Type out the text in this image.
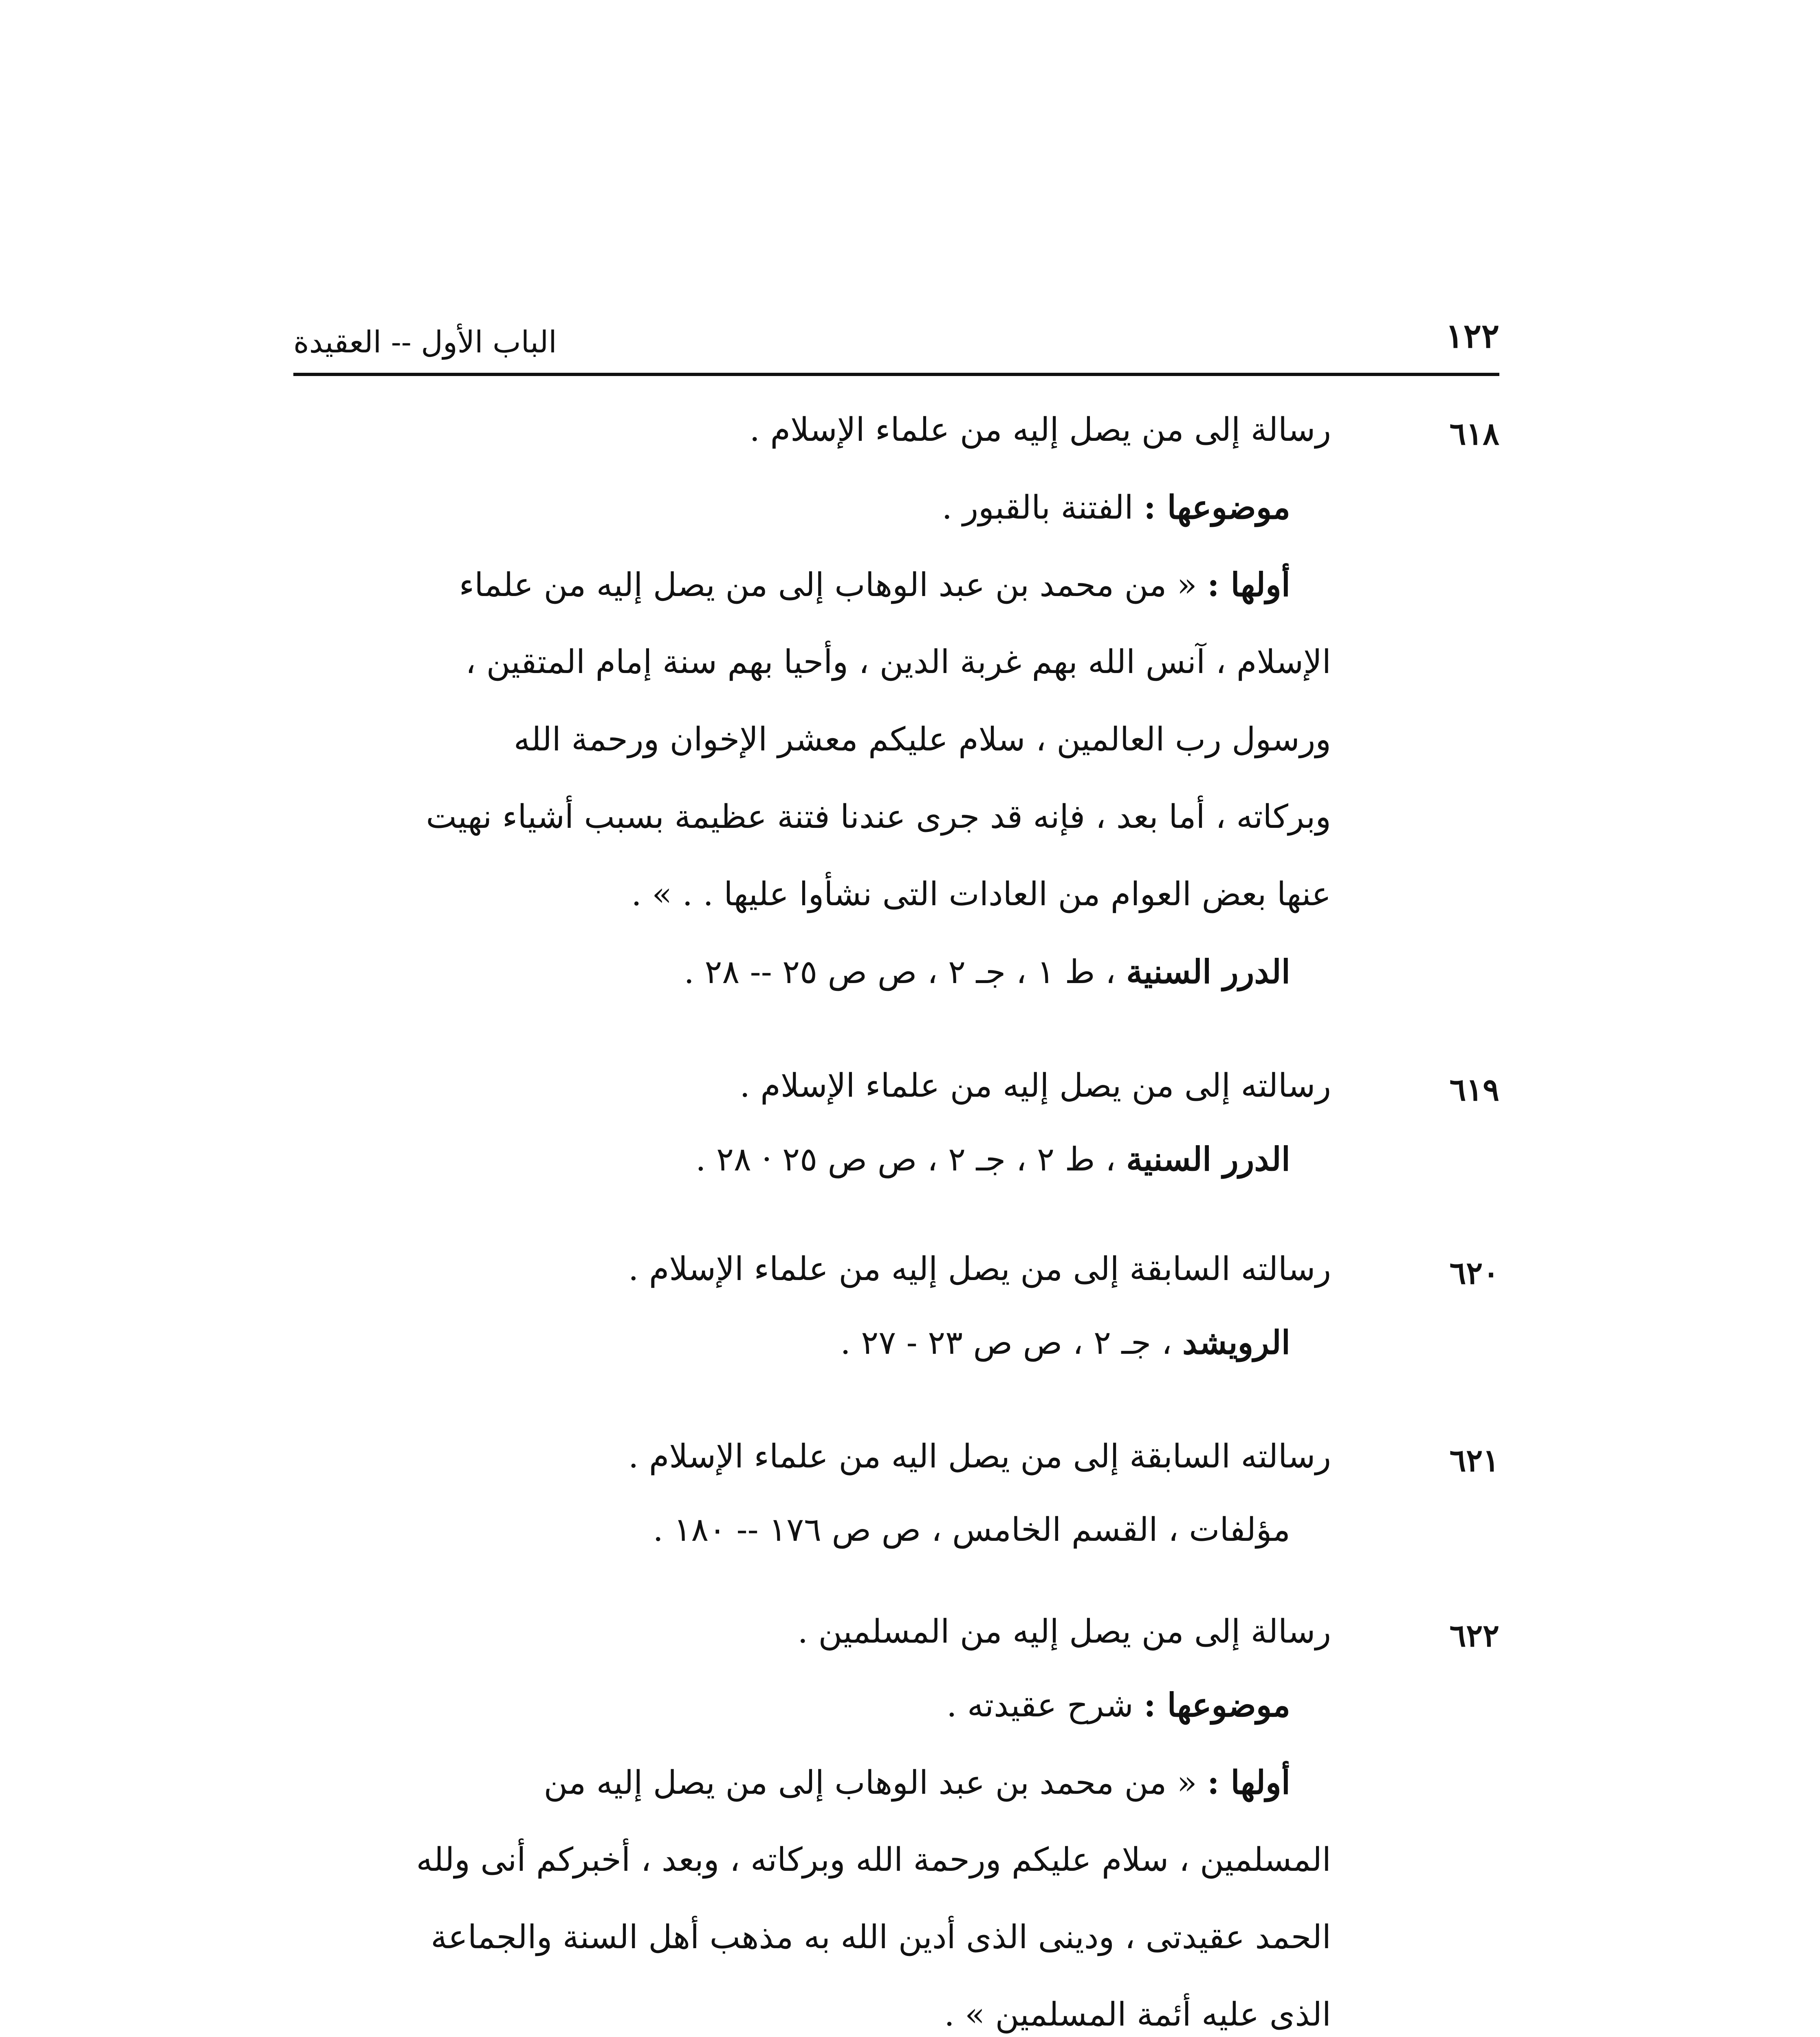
١٢٢
الباب الأول -- العقيدة
٦١٨
رسالة إلى من يصل إليه من علماء الإسلام .
موضوعها : الفتنة بالقبور .
أولها : « من محمد بن عبد الوهاب إلى من يصل إليه من علماء
الإسلام ، آنس الله بهم غربة الدين ، وأحيا بهم سنة إمام المتقين ،
ورسول رب العالمين ، سلام عليكم معشر الإخوان ورحمة الله
وبركاته ، أما بعد ، فإنه قد جرى عندنا فتنة عظيمة بسبب أشياء نهيت
عنها بعض العوام من العادات التى نشأوا عليها . . » .
الدرر السنية ، ط ١ ، جـ ٢ ، ص ص ٢٥ -- ٢٨ .
٦١٩
رسالته إلى من يصل إليه من علماء الإسلام .
الدرر السنية ، ط ٢ ، جـ ٢ ، ص ص ٢٥ · ٢٨ .
٦٢٠
رسالته السابقة إلى من يصل إليه من علماء الإسلام .
الرويشد ، جـ ٢ ، ص ص ٢٣ - ٢٧ .
٦٢١
رسالته السابقة إلى من يصل اليه من علماء الإسلام .
مؤلفات ، القسم الخامس ، ص ص ١٧٦ -- ١٨٠ .
٦٢٢
رسالة إلى من يصل إليه من المسلمين .
موضوعها : شرح عقيدته .
أولها : « من محمد بن عبد الوهاب إلى من يصل إليه من
المسلمين ، سلام عليكم ورحمة الله وبركاته ، وبعد ، أخبركم أنى ولله
الحمد عقيدتى ، ودينى الذى أدين الله به مذهب أهل السنة والجماعة
الذى عليه أئمة المسلمين » .
